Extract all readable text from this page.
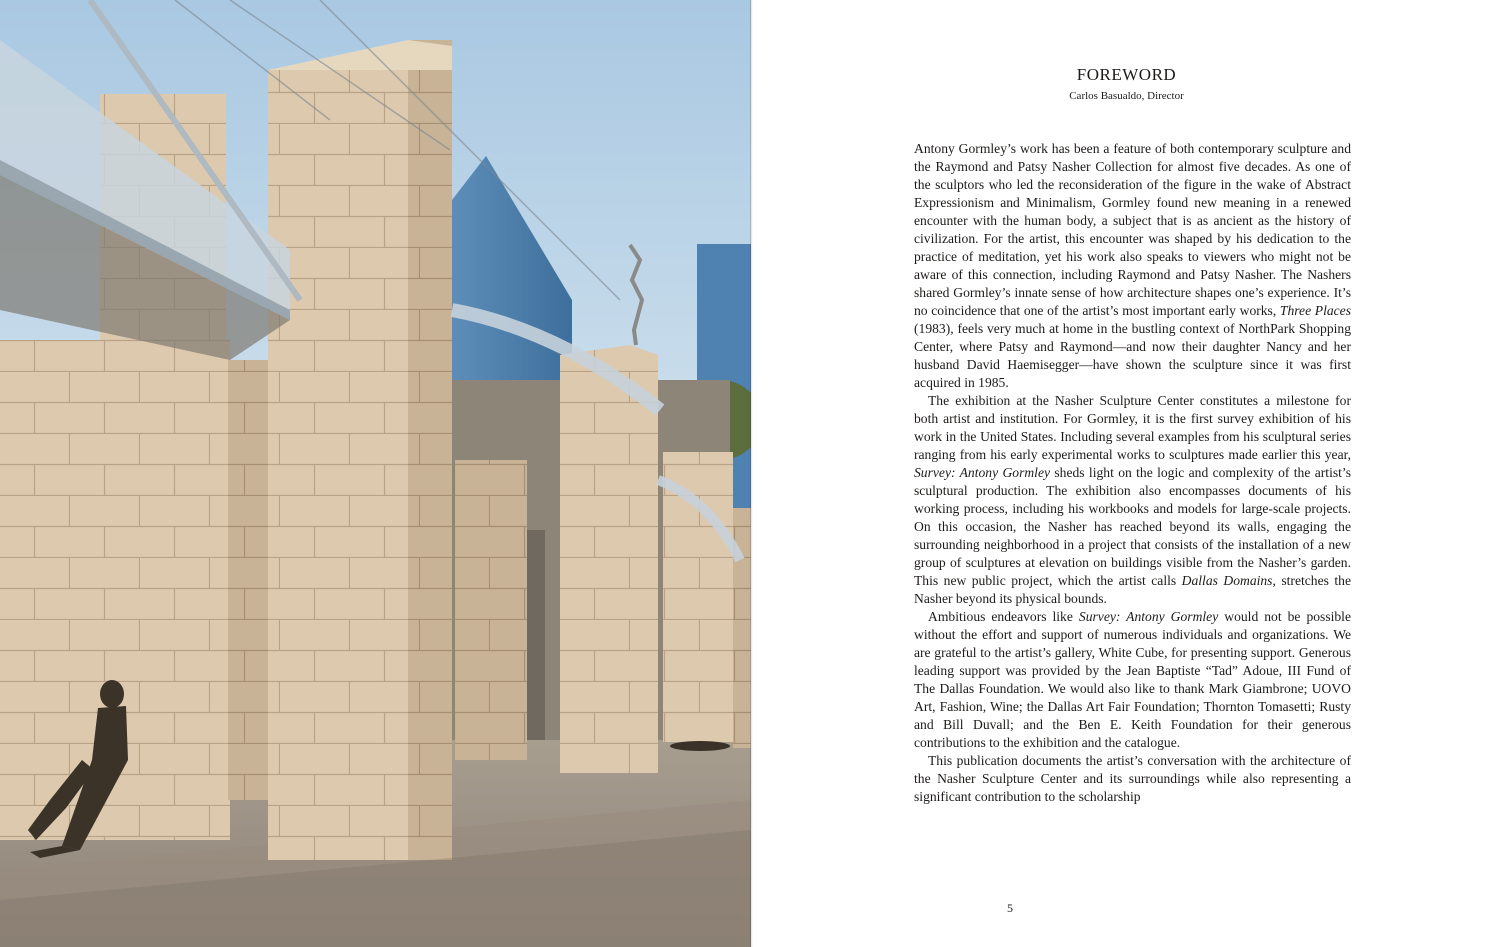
FOREWORD
Carlos Basualdo, Director

Antony Gormley’s work has been a feature of both contemporary sculpture and the Raymond and Patsy Nasher Collection for almost five decades. As one of the sculptors who led the reconsideration of the figure in the wake of Abstract Expressionism and Minimalism, Gormley found new meaning in a renewed encounter with the human body, a subject that is as ancient as the history of civilization. For the artist, this encounter was shaped by his dedication to the practice of meditation, yet his work also speaks to viewers who might not be aware of this connection, including Raymond and Patsy Nasher. The Nashers shared Gormley’s innate sense of how architecture shapes one’s experience. It’s no coincidence that one of the artist’s most important early works, Three Places (1983), feels very much at home in the bustling context of NorthPark Shopping Center, where Patsy and Raymond—and now their daughter Nancy and her husband David Haemisegger—have shown the sculpture since it was first acquired in 1985.

The exhibition at the Nasher Sculpture Center constitutes a milestone for both artist and institution. For Gormley, it is the first survey exhibition of his work in the United States. Including several examples from his sculptural series ranging from his early experimental works to sculptures made earlier this year, Survey: Antony Gormley sheds light on the logic and complexity of the artist’s sculptural production. The exhibition also encompasses documents of his working process, including his workbooks and models for large-scale projects. On this occasion, the Nasher has reached beyond its walls, engaging the surrounding neighborhood in a project that consists of the installation of a new group of sculptures at elevation on buildings visible from the Nasher’s garden. This new public project, which the artist calls Dallas Domains, stretches the Nasher beyond its physical bounds.

Ambitious endeavors like Survey: Antony Gormley would not be possible without the effort and support of numerous individuals and organizations. We are grateful to the artist’s gallery, White Cube, for presenting support. Generous leading support was provided by the Jean Baptiste “Tad” Adoue, III Fund of The Dallas Foundation. We would also like to thank Mark Giambrone; UOVO Art, Fashion, Wine; the Dallas Art Fair Foundation; Thornton Tomasetti; Rusty and Bill Duvall; and the Ben E. Keith Foundation for their generous contributions to the exhibition and the catalogue.

This publication documents the artist’s conversation with the architecture of the Nasher Sculpture Center and its surroundings while also representing a significant contribution to the scholarship

5
